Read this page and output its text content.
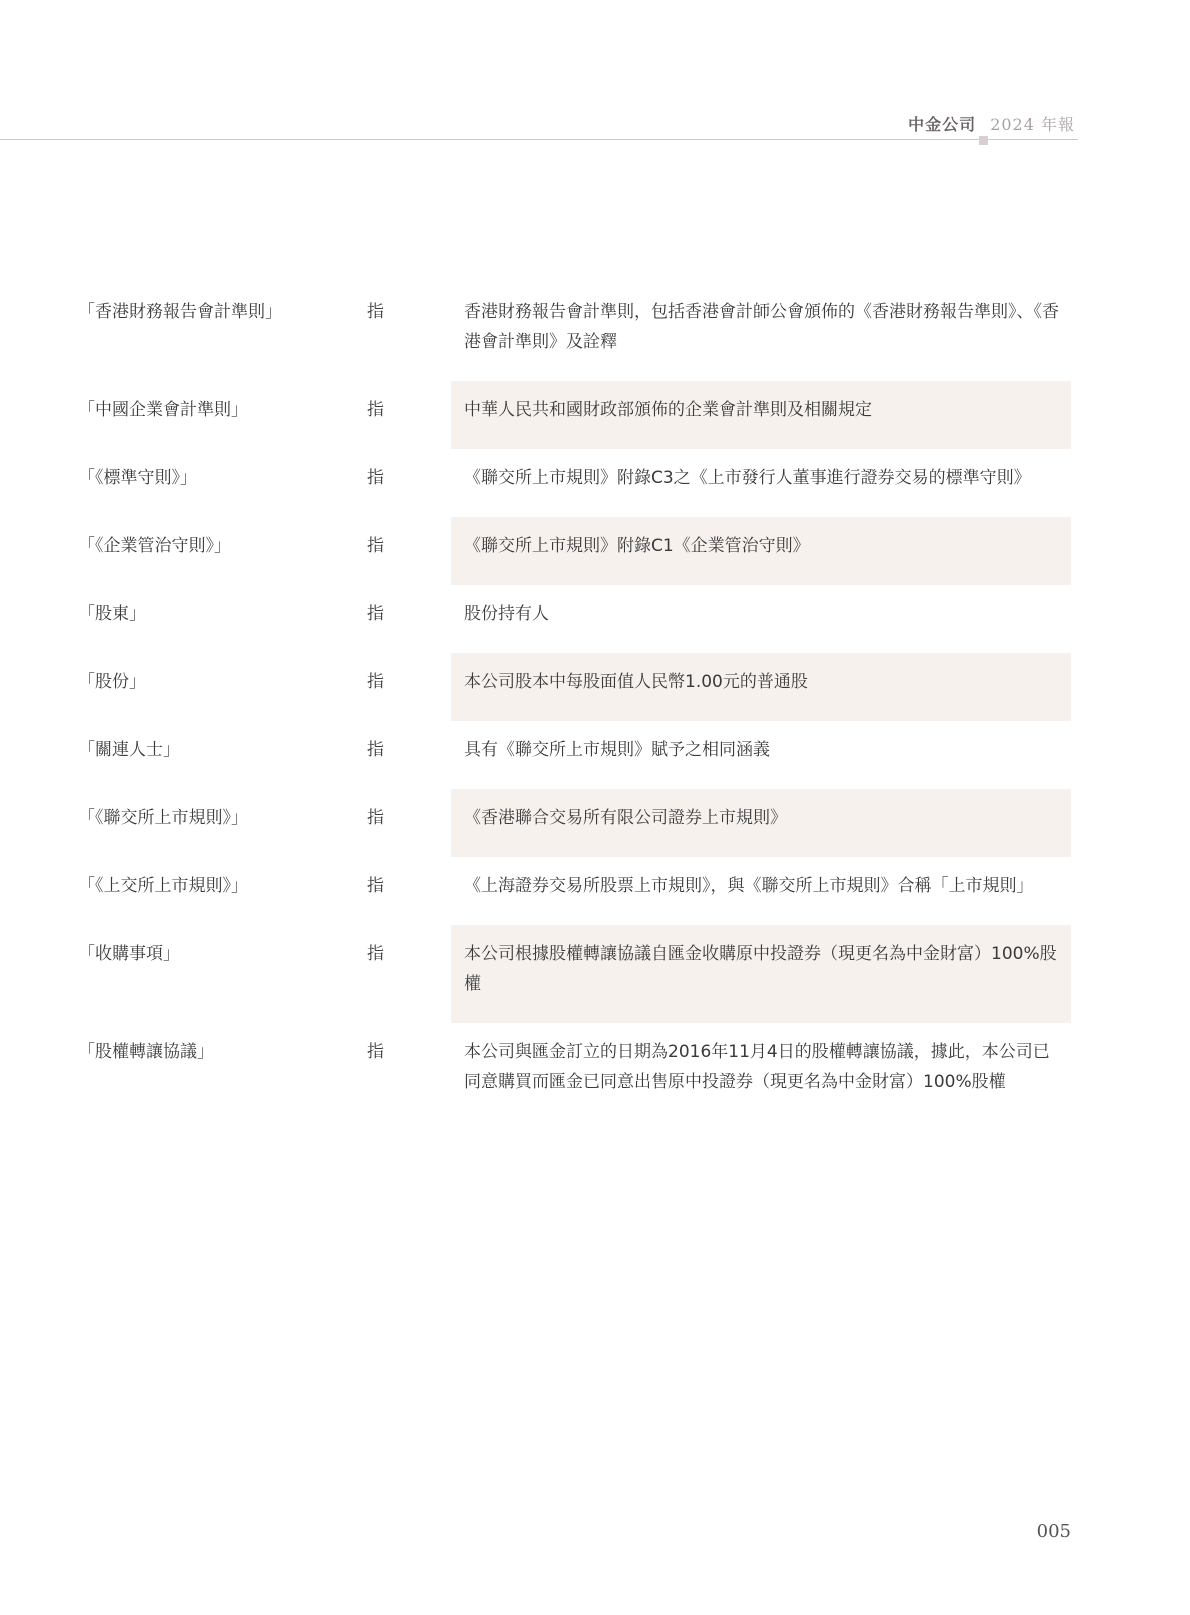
中金公司 2024 年報
「香港財務報告會計準則」	指	香港財務報告會計準則，包括香港會計師公會頒佈的《香港財務報告準則》、《香港會計準則》及詮釋
「中國企業會計準則」	指	中華人民共和國財政部頒佈的企業會計準則及相關規定
「《標準守則》」	指	《聯交所上市規則》附錄C3之《上市發行人董事進行證券交易的標準守則》
「《企業管治守則》」	指	《聯交所上市規則》附錄C1《企業管治守則》
「股東」	指	股份持有人
「股份」	指	本公司股本中每股面值人民幣1.00元的普通股
「關連人士」	指	具有《聯交所上市規則》賦予之相同涵義
「《聯交所上市規則》」	指	《香港聯合交易所有限公司證券上市規則》
「《上交所上市規則》」	指	《上海證券交易所股票上市規則》，與《聯交所上市規則》合稱「上市規則」
「收購事項」	指	本公司根據股權轉讓協議自匯金收購原中投證券（現更名為中金財富）100%股權
「股權轉讓協議」	指	本公司與匯金訂立的日期為2016年11月4日的股權轉讓協議，據此，本公司已同意購買而匯金已同意出售原中投證券（現更名為中金財富）100%股權
005
